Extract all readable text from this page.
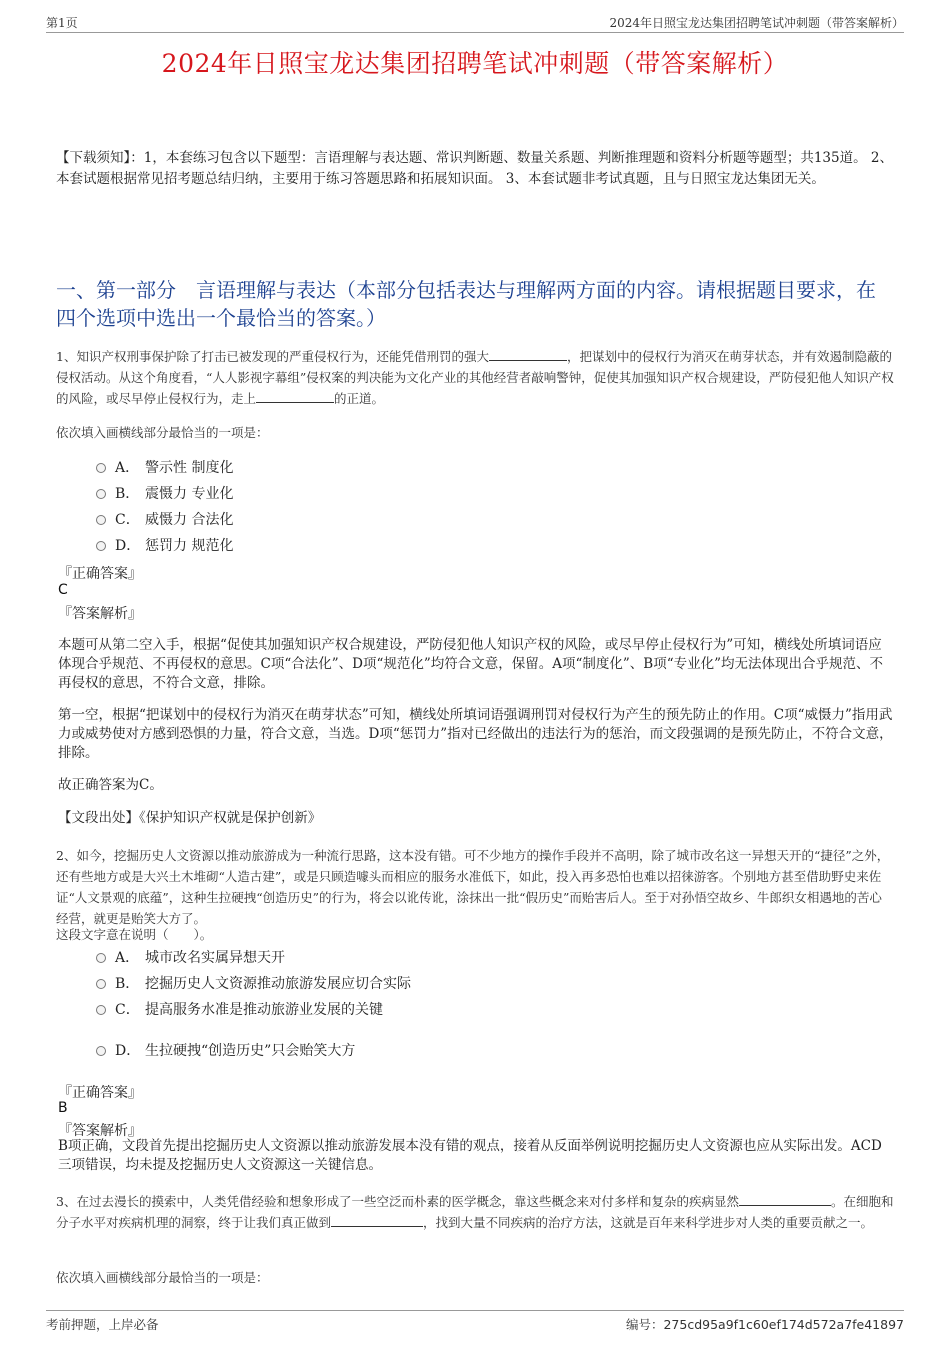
第1页	2024年日照宝龙达集团招聘笔试冲刺题（带答案解析）
2024年日照宝龙达集团招聘笔试冲刺题（带答案解析）
【下载须知】：1，本套练习包含以下题型：言语理解与表达题、常识判断题、数量关系题、判断推理题和资料分析题等题型；共135道。 2、本套试题根据常见招考题总结归纳，主要用于练习答题思路和拓展知识面。 3、本套试题非考试真题，且与日照宝龙达集团无关。
一、第一部分　言语理解与表达（本部分包括表达与理解两方面的内容。请根据题目要求，在四个选项中选出一个最恰当的答案。）
1、知识产权刑事保护除了打击已被发现的严重侵权行为，还能凭借刑罚的强大	，把谋划中的侵权行为消灭在萌芽状态，并有效遏制隐蔽的侵权活动。从这个角度看，“人人影视字幕组”侵权案的判决能为文化产业的其他经营者敲响警钟，促使其加强知识产权合规建设，严防侵犯他人知识产权的风险，或尽早停止侵权行为，走上	的正道。
依次填入画横线部分最恰当的一项是：
A． 警示性 制度化
B． 震慑力 专业化
C． 威慑力 合法化
D． 惩罚力 规范化
『正确答案』
C
『答案解析』
本题可从第二空入手，根据“促使其加强知识产权合规建设，严防侵犯他人知识产权的风险，或尽早停止侵权行为”可知，横线处所填词语应体现合乎规范、不再侵权的意思。C项“合法化”、D项“规范化”均符合文意，保留。A项“制度化”、B项“专业化”均无法体现出合乎规范、不再侵权的意思，不符合文意，排除。
第一空，根据“把谋划中的侵权行为消灭在萌芽状态”可知，横线处所填词语强调刑罚对侵权行为产生的预先防止的作用。C项“威慑力”指用武力或威势使对方感到恐惧的力量，符合文意，当选。D项“惩罚力”指对已经做出的违法行为的惩治，而文段强调的是预先防止，不符合文意，排除。
故正确答案为C。
【文段出处】《保护知识产权就是保护创新》
2、如今，挖掘历史人文资源以推动旅游成为一种流行思路，这本没有错。可不少地方的操作手段并不高明，除了城市改名这一异想天开的“捷径”之外，还有些地方或是大兴土木堆砌“人造古建”，或是只顾造噱头而相应的服务水准低下，如此，投入再多恐怕也难以招徕游客。个别地方甚至借助野史来佐证“人文景观的底蕴”，这种生拉硬拽“创造历史”的行为，将会以讹传讹，涂抹出一批“假历史”而贻害后人。至于对孙悟空故乡、牛郎织女相遇地的苦心经营，就更是贻笑大方了。
这段文字意在说明（　　）。
A． 城市改名实属异想天开
B． 挖掘历史人文资源推动旅游发展应切合实际
C． 提高服务水准是推动旅游业发展的关键
D． 生拉硬拽“创造历史”只会贻笑大方
『正确答案』
B
『答案解析』
B项正确，文段首先提出挖掘历史人文资源以推动旅游发展本没有错的观点，接着从反面举例说明挖掘历史人文资源也应从实际出发。ACD三项错误，均未提及挖掘历史人文资源这一关键信息。
3、在过去漫长的摸索中，人类凭借经验和想象形成了一些空泛而朴素的医学概念，靠这些概念来对付多样和复杂的疾病显然	。在细胞和分子水平对疾病机理的洞察，终于让我们真正做到	，找到大量不同疾病的治疗方法，这就是百年来科学进步对人类的重要贡献之一。
依次填入画横线部分最恰当的一项是：
考前押题，上岸必备	编号：275cd95a9f1c60ef174d572a7fe41897
